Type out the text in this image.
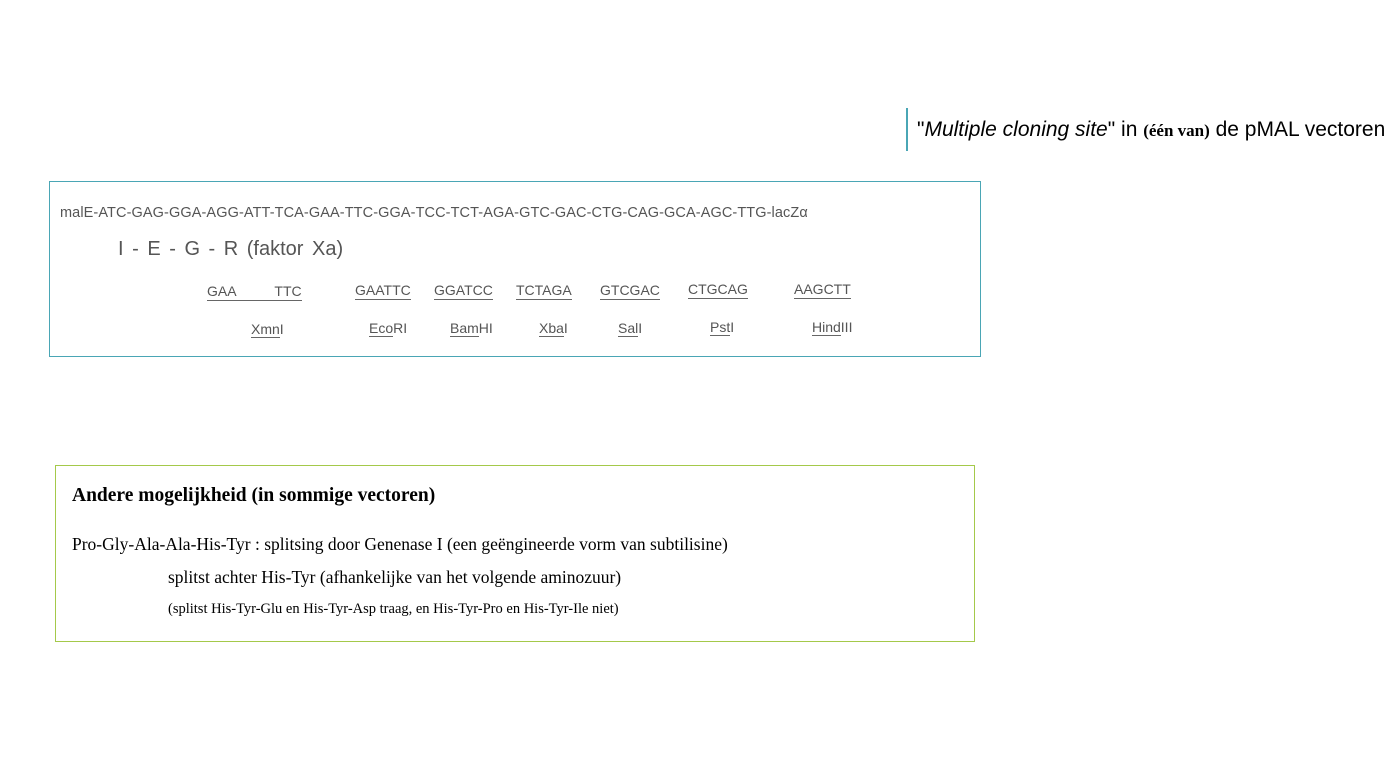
"Multiple cloning site" in (één van) de pMAL vectoren
malE-ATC-GAG-GGA-AGG-ATT-TCA-GAA-TTC-GGA-TCC-TCT-AGA-GTC-GAC-CTG-CAG-GCA-AGC-TTG-lacZα
I - E - G - R (faktor Xa)
GAA          TTC	GAATTC GGATCC TCTAGA GTCGAC CTGCAG	AAGCTT
XmnI	EcoRI	BamHI	XbaI	SalI	PstI	HindIII
Andere mogelijkheid (in sommige vectoren)
Pro-Gly-Ala-Ala-His-Tyr : splitsing door Genenase I (een geëngineerde vorm van subtilisine)
splitst achter His-Tyr (afhankelijke van het volgende aminozuur)
(splitst His-Tyr-Glu en His-Tyr-Asp traag, en His-Tyr-Pro en His-Tyr-Ile niet)
